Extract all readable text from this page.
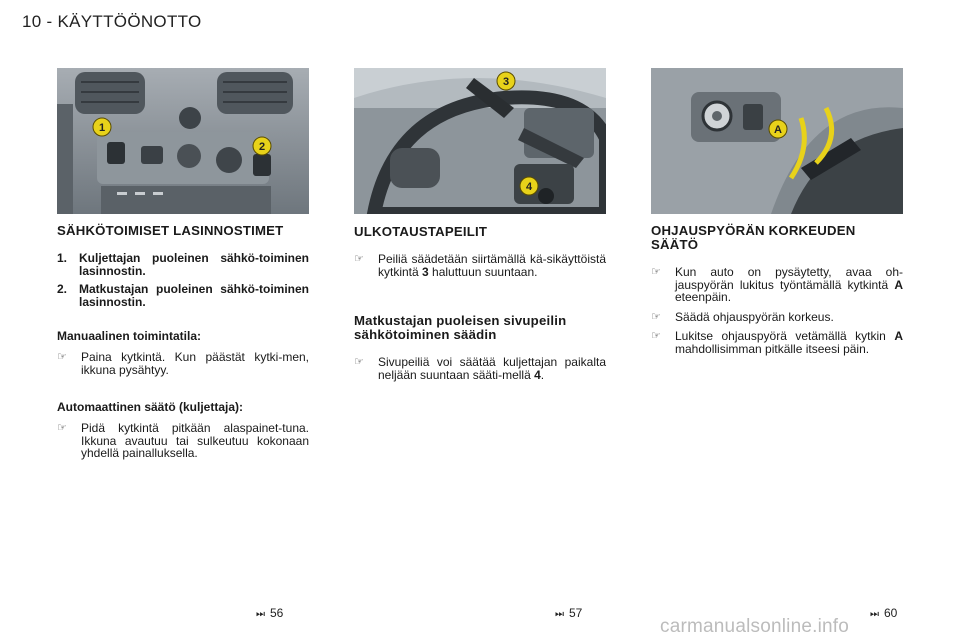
10 - KÄYTTÖÖNOTTO
1
2
SÄHKÖTOIMISET LASINNOSTIMET
1. Kuljettajan puoleinen sähkö-toiminen lasinnostin.
2. Matkustajan puoleinen sähkö-toiminen lasinnostin.
Manuaalinen toimintatila:
☞ Paina kytkintä. Kun päästät kytki-men, ikkuna pysähtyy.
Automaattinen säätö (kuljettaja):
☞ Pidä kytkintä pitkään alaspainet-tuna. Ikkuna avautuu tai sulkeutuu kokonaan yhdellä painalluksella.
3
4
ULKOTAUSTAPEILIT
☞ Peiliä säädetään siirtämällä kä-sikäyttöistä kytkintä 3 haluttuun suuntaan.
Matkustajan puoleisen sivupeilin sähkötoiminen säädin
☞ Sivupeiliä voi säätää kuljettajan paikalta neljään suuntaan sääti-mellä 4.
A
OHJAUSPYÖRÄN KORKEUDEN SÄÄTÖ
☞ Kun auto on pysäytetty, avaa oh-jauspyörän lukitus työntämällä kytkintä A eteenpäin.
☞ Säädä ohjauspyörän korkeus.
☞ Lukitse ohjauspyörä vetämällä kytkin A mahdollisimman pitkälle itseesi päin.
⏭ 56	⏭ 57	⏭ 60
carmanualsonline.info
